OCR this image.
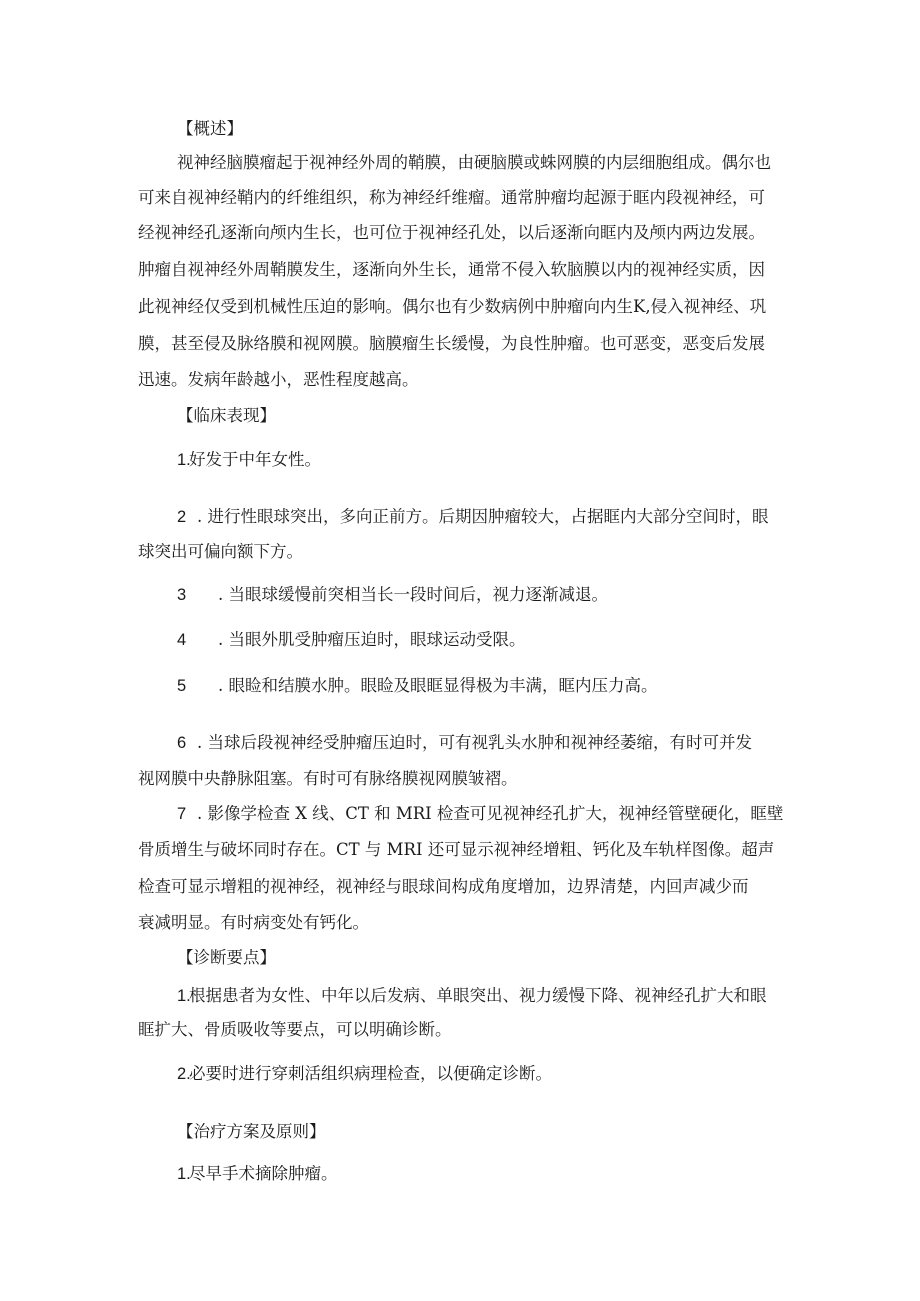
【概述】
视神经脑膜瘤起于视神经外周的鞘膜，由硬脑膜或蛛网膜的内层细胞组成。偶尔也
可来自视神经鞘内的纤维组织，称为神经纤维瘤。通常肿瘤均起源于眶内段视神经，可
经视神经孔逐渐向颅内生长，也可位于视神经孔处，以后逐渐向眶内及颅内两边发展。
肿瘤自视神经外周鞘膜发生，逐渐向外生长，通常不侵入软脑膜以内的视神经实质，因
此视神经仅受到机械性压迫的影响。偶尔也有少数病例中肿瘤向内生K,侵入视神经、巩
膜，甚至侵及脉络膜和视网膜。脑膜瘤生长缓慢，为良性肿瘤。也可恶变，恶变后发展
迅速。发病年龄越小，恶性程度越高。
【临床表现】
1.
好发于中年女性。
2 . 进行性眼球突出，多向正前方。后期因肿瘤较大，占据眶内大部分空间时，眼
球突出可偏向额下方。
3 . 当眼球缓慢前突相当长一段时间后，视力逐渐减退。
4 . 当眼外肌受肿瘤压迫时，眼球运动受限。
5 . 眼睑和结膜水肿。眼睑及眼眶显得极为丰满，眶内压力高。
6 . 当球后段视神经受肿瘤压迫时，可有视乳头水肿和视神经萎缩，有时可并发
视网膜中央静脉阻塞。有时可有脉络膜视网膜皱褶。
7 . 影像学检查 X 线、CT 和 MRI 检查可见视神经孔扩大，视神经管壁硬化，眶壁
骨质增生与破坏同时存在。CT 与 MRI 还可显示视神经增粗、钙化及车轨样图像。超声
检查可显示增粗的视神经，视神经与眼球间构成角度增加，边界清楚，内回声减少而
衰减明显。有时病变处有钙化。
【诊断要点】
1.
根据患者为女性、中年以后发病、单眼突出、视力缓慢下降、视神经孔扩大和眼
眶扩大、骨质吸收等要点，可以明确诊断。
2.
必要时进行穿刺活组织病理检查，以便确定诊断。
【治疗方案及原则】
1.
尽早手术摘除肿瘤。
